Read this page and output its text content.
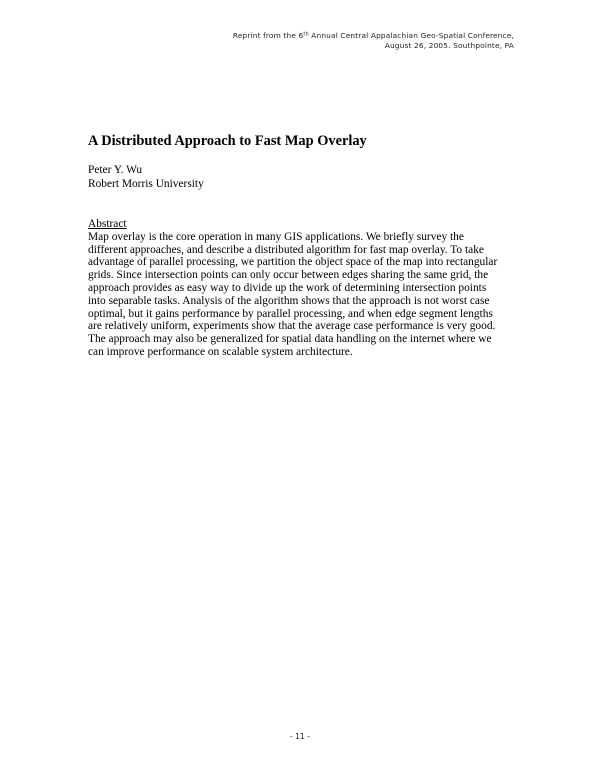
Reprint from the 6th Annual Central Appalachian Geo-Spatial Conference,
August 26, 2005. Southpointe, PA
A Distributed Approach to Fast Map Overlay
Peter Y. Wu
Robert Morris University
Abstract
Map overlay is the core operation in many GIS applications. We briefly survey the
different approaches, and describe a distributed algorithm for fast map overlay. To take
advantage of parallel processing, we partition the object space of the map into rectangular
grids. Since intersection points can only occur between edges sharing the same grid, the
approach provides as easy way to divide up the work of determining intersection points
into separable tasks. Analysis of the algorithm shows that the approach is not worst case
optimal, but it gains performance by parallel processing, and when edge segment lengths
are relatively uniform, experiments show that the average case performance is very good.
The approach may also be generalized for spatial data handling on the internet where we
can improve performance on scalable system architecture.
- 11 -
